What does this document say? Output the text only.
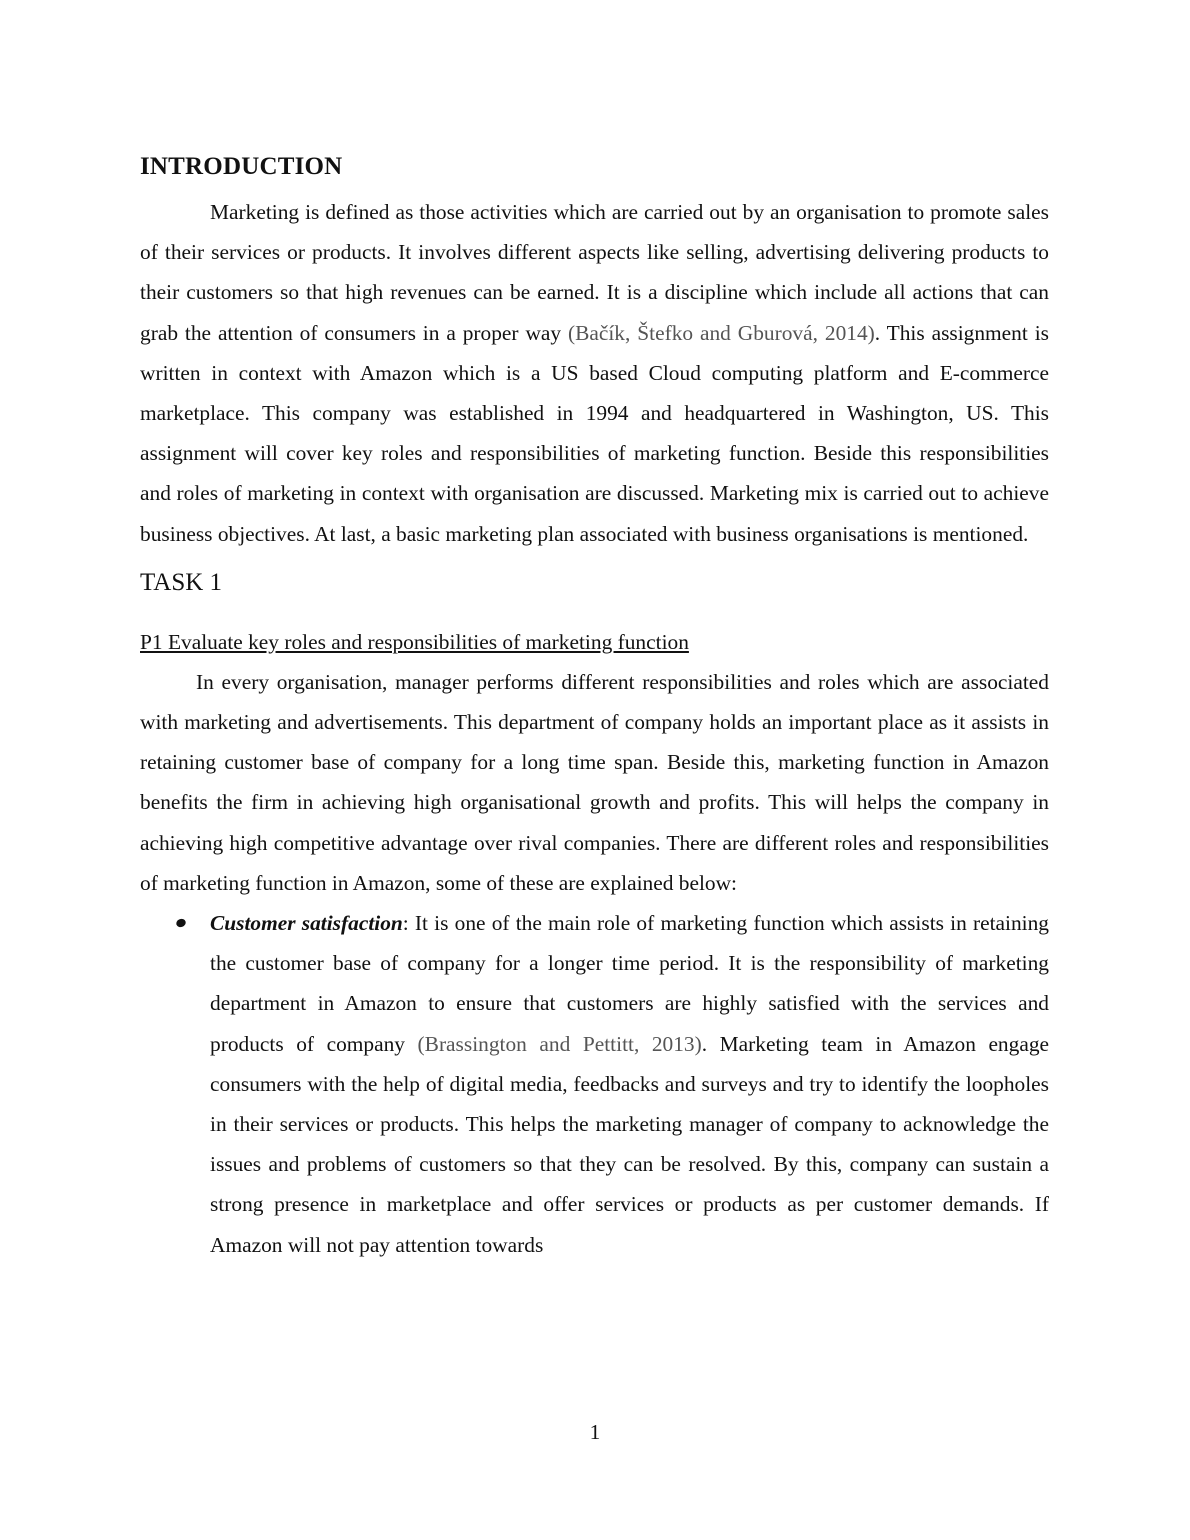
INTRODUCTION

Marketing is defined as those activities which are carried out by an organisation to promote sales of their services or products. It involves different aspects like selling, advertising delivering products to their customers so that high revenues can be earned. It is a discipline which include all actions that can grab the attention of consumers in a proper way (Bačík, Štefko and Gburová, 2014). This assignment is written in context with Amazon which is a US based Cloud computing platform and E-commerce marketplace. This company was established in 1994 and headquartered in Washington, US. This assignment will cover key roles and responsibilities of marketing function. Beside this responsibilities and roles of marketing in context with organisation are discussed. Marketing mix is carried out to achieve business objectives. At last, a basic marketing plan associated with business organisations is mentioned.

TASK 1
P1 Evaluate key roles and responsibilities of marketing function

In every organisation, manager performs different responsibilities and roles which are associated with marketing and advertisements. This department of company holds an important place as it assists in retaining customer base of company for a long time span. Beside this, marketing function in Amazon benefits the firm in achieving high organisational growth and profits. This will helps the company in achieving high competitive advantage over rival companies. There are different roles and responsibilities of marketing function in Amazon, some of these are explained below:

Customer satisfaction: It is one of the main role of marketing function which assists in retaining the customer base of company for a longer time period. It is the responsibility of marketing department in Amazon to ensure that customers are highly satisfied with the services and products of company (Brassington and Pettitt, 2013). Marketing team in Amazon engage consumers with the help of digital media, feedbacks and surveys and try to identify the loopholes in their services or products. This helps the marketing manager of company to acknowledge the issues and problems of customers so that they can be resolved. By this, company can sustain a strong presence in marketplace and offer services or products as per customer demands. If Amazon will not pay attention towards

1
